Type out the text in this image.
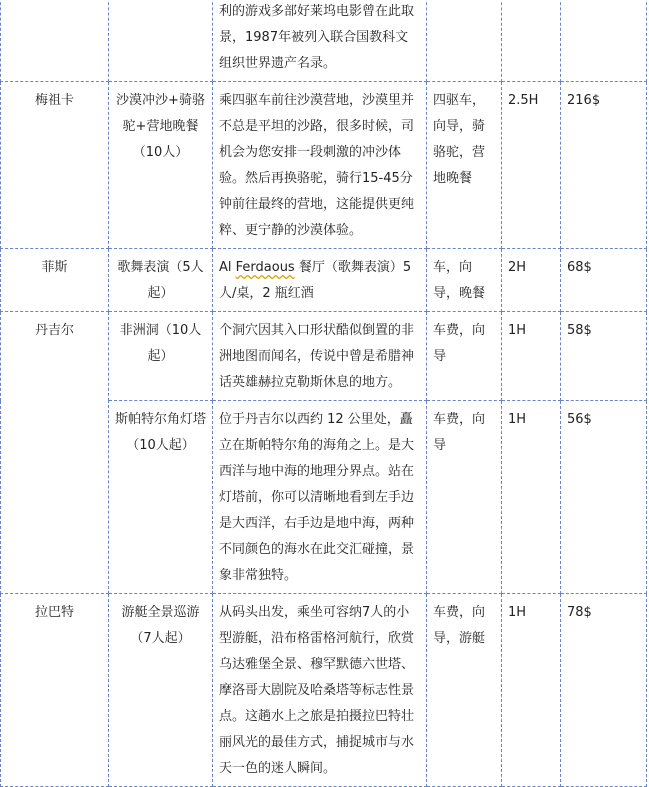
		利的游戏多部好莱坞电影曾在此取景，1987年被列入联合国教科文组织世界遗产名录。			
梅祖卡	沙漠冲沙+骑骆驼+营地晚餐（10人）	乘四驱车前往沙漠营地，沙漠里并不总是平坦的沙路，很多时候，司机会为您安排一段刺激的冲沙体验。然后再换骆驼，骑行15-45分钟前往最终的营地，这能提供更纯粹、更宁静的沙漠体验。	四驱车，向导，骑骆驼，营地晚餐	2.5H	216$
菲斯	歌舞表演（5人起）	Al Ferdaous 餐厅（歌舞表演）5 人/桌，2 瓶红酒	车，向导，晚餐	2H	68$
丹吉尔	非洲洞（10人起）	个洞穴因其入口形状酷似倒置的非洲地图而闻名，传说中曾是希腊神话英雄赫拉克勒斯休息的地方。	车费，向导	1H	58$
	斯帕特尔角灯塔（10人起）	位于丹吉尔以西约 12 公里处，矗立在斯帕特尔角的海角之上。是大西洋与地中海的地理分界点。站在灯塔前，你可以清晰地看到左手边是大西洋，右手边是地中海，两种不同颜色的海水在此交汇碰撞，景象非常独特。	车费，向导	1H	56$
拉巴特	游艇全景巡游（7人起）	从码头出发，乘坐可容纳7人的小型游艇，沿布格雷格河航行，欣赏乌达雅堡全景、穆罕默德六世塔、摩洛哥大剧院及哈桑塔等标志性景点。这趟水上之旅是拍摄拉巴特壮丽风光的最佳方式，捕捉城市与水天一色的迷人瞬间。	车费，向导，游艇	1H	78$
